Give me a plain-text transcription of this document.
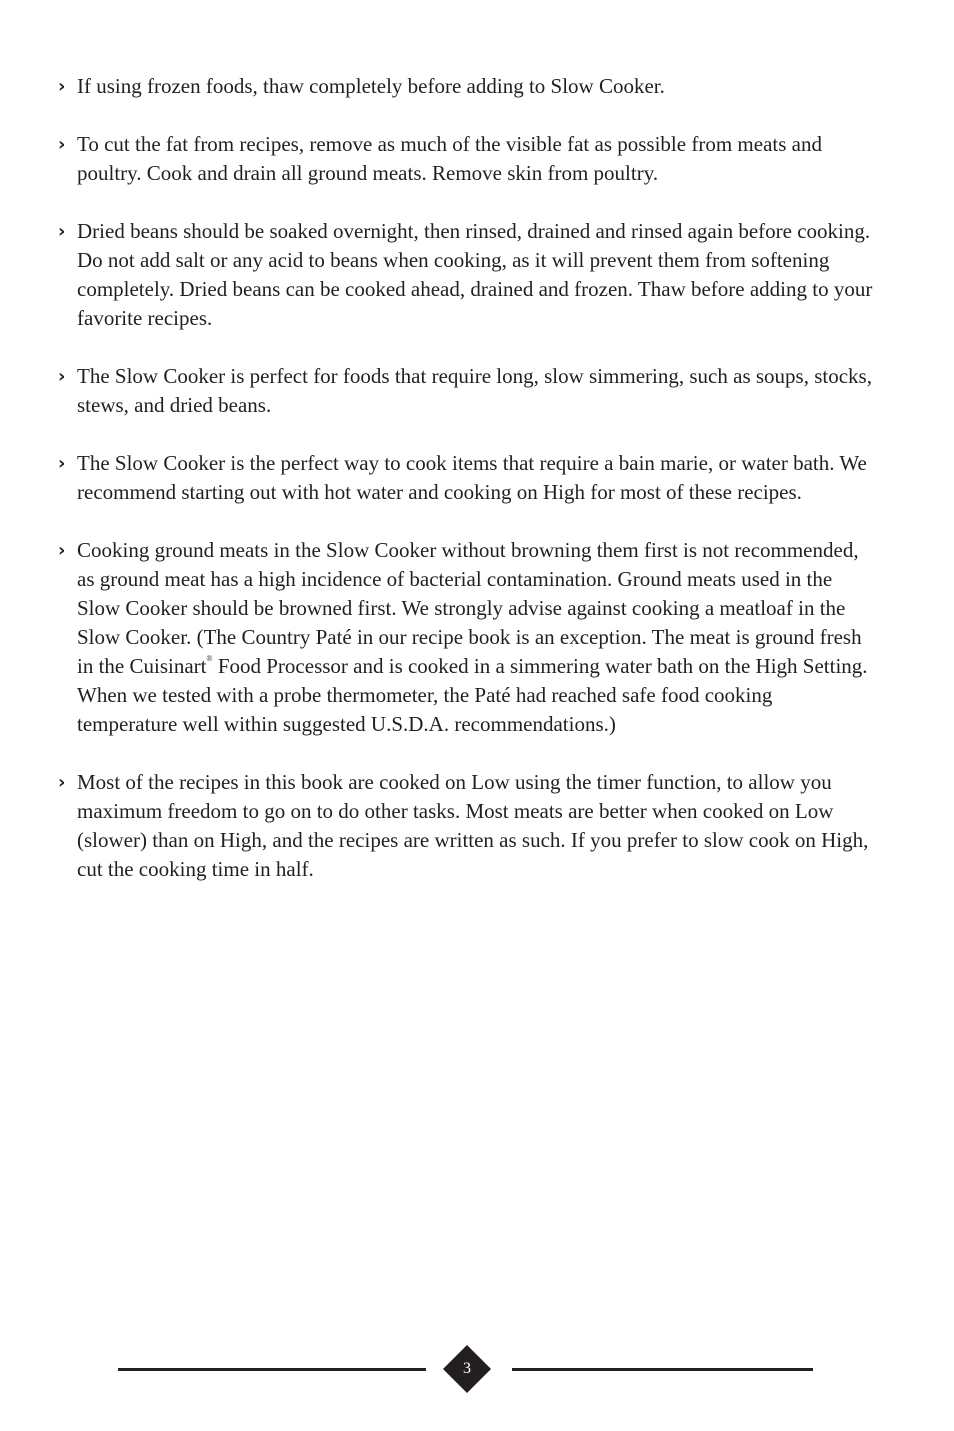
› If using frozen foods, thaw completely before adding to Slow Cooker.
› To cut the fat from recipes, remove as much of the visible fat as possible from meats and poultry. Cook and drain all ground meats. Remove skin from poultry.
› Dried beans should be soaked overnight, then rinsed, drained and rinsed again before cooking. Do not add salt or any acid to beans when cooking, as it will prevent them from softening completely. Dried beans can be cooked ahead, drained and frozen. Thaw before adding to your favorite recipes.
› The Slow Cooker is perfect for foods that require long, slow simmering, such as soups, stocks, stews, and dried beans.
› The Slow Cooker is the perfect way to cook items that require a bain marie, or water bath. We recommend starting out with hot water and cooking on High for most of these recipes.
› Cooking ground meats in the Slow Cooker without browning them first is not recommended, as ground meat has a high incidence of bacterial contamination. Ground meats used in the Slow Cooker should be browned first. We strongly advise against cooking a meatloaf in the Slow Cooker. (The Country Paté in our recipe book is an exception. The meat is ground fresh in the Cuisinart® Food Processor and is cooked in a simmering water bath on the High Setting. When we tested with a probe thermometer, the Paté had reached safe food cooking temperature well within suggested U.S.D.A. recommendations.)
› Most of the recipes in this book are cooked on Low using the timer function, to allow you maximum freedom to go on to do other tasks. Most meats are better when cooked on Low (slower) than on High, and the recipes are written as such. If you prefer to slow cook on High, cut the cooking time in half.
3
